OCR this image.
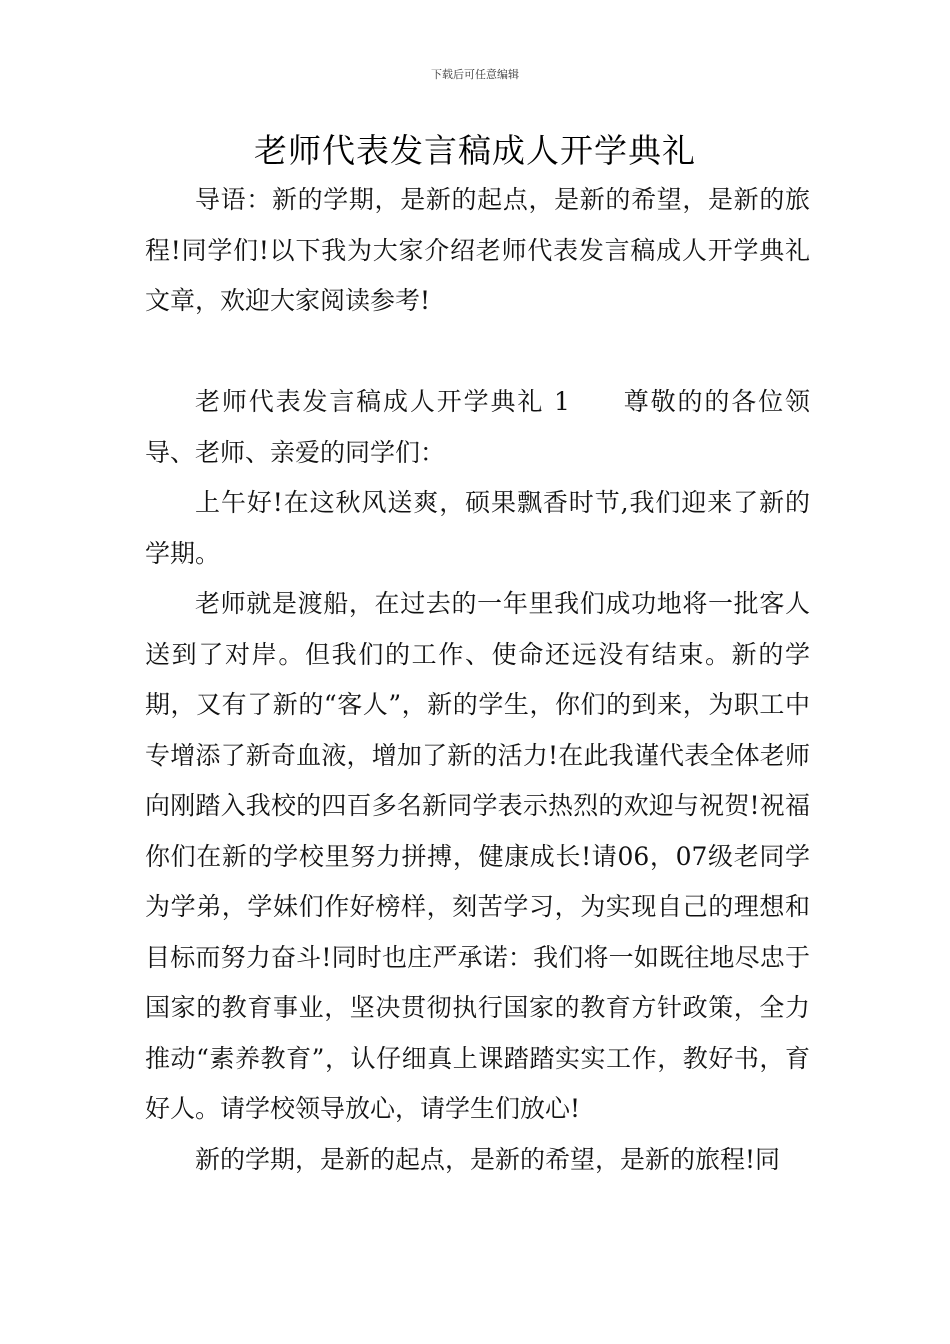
下载后可任意编辑
老师代表发言稿成人开学典礼

导语：新的学期，是新的起点，是新的希望，是新的旅程!同学们!以下我为大家介绍老师代表发言稿成人开学典礼文章，欢迎大家阅读参考!

老师代表发言稿成人开学典礼 1 尊敬的的各位领导、老师、亲爱的同学们：

上午好!在这秋风送爽，硕果飘香时节,我们迎来了新的学期。

老师就是渡船，在过去的一年里我们成功地将一批客人送到了对岸。但我们的工作、使命还远没有结束。新的学期，又有了新的“客人”，新的学生，你们的到来，为职工中专增添了新奇血液，增加了新的活力!在此我谨代表全体老师向刚踏入我校的四百多名新同学表示热烈的欢迎与祝贺!祝福你们在新的学校里努力拼搏，健康成长!请06，07级老同学为学弟，学妹们作好榜样，刻苦学习，为实现自己的理想和目标而努力奋斗!同时也庄严承诺：我们将一如既往地尽忠于国家的教育事业，坚决贯彻执行国家的教育方针政策，全力推动“素养教育”，认仔细真上课踏踏实实工作，教好书，育好人。请学校领导放心，请学生们放心!

新的学期，是新的起点，是新的希望，是新的旅程!同
